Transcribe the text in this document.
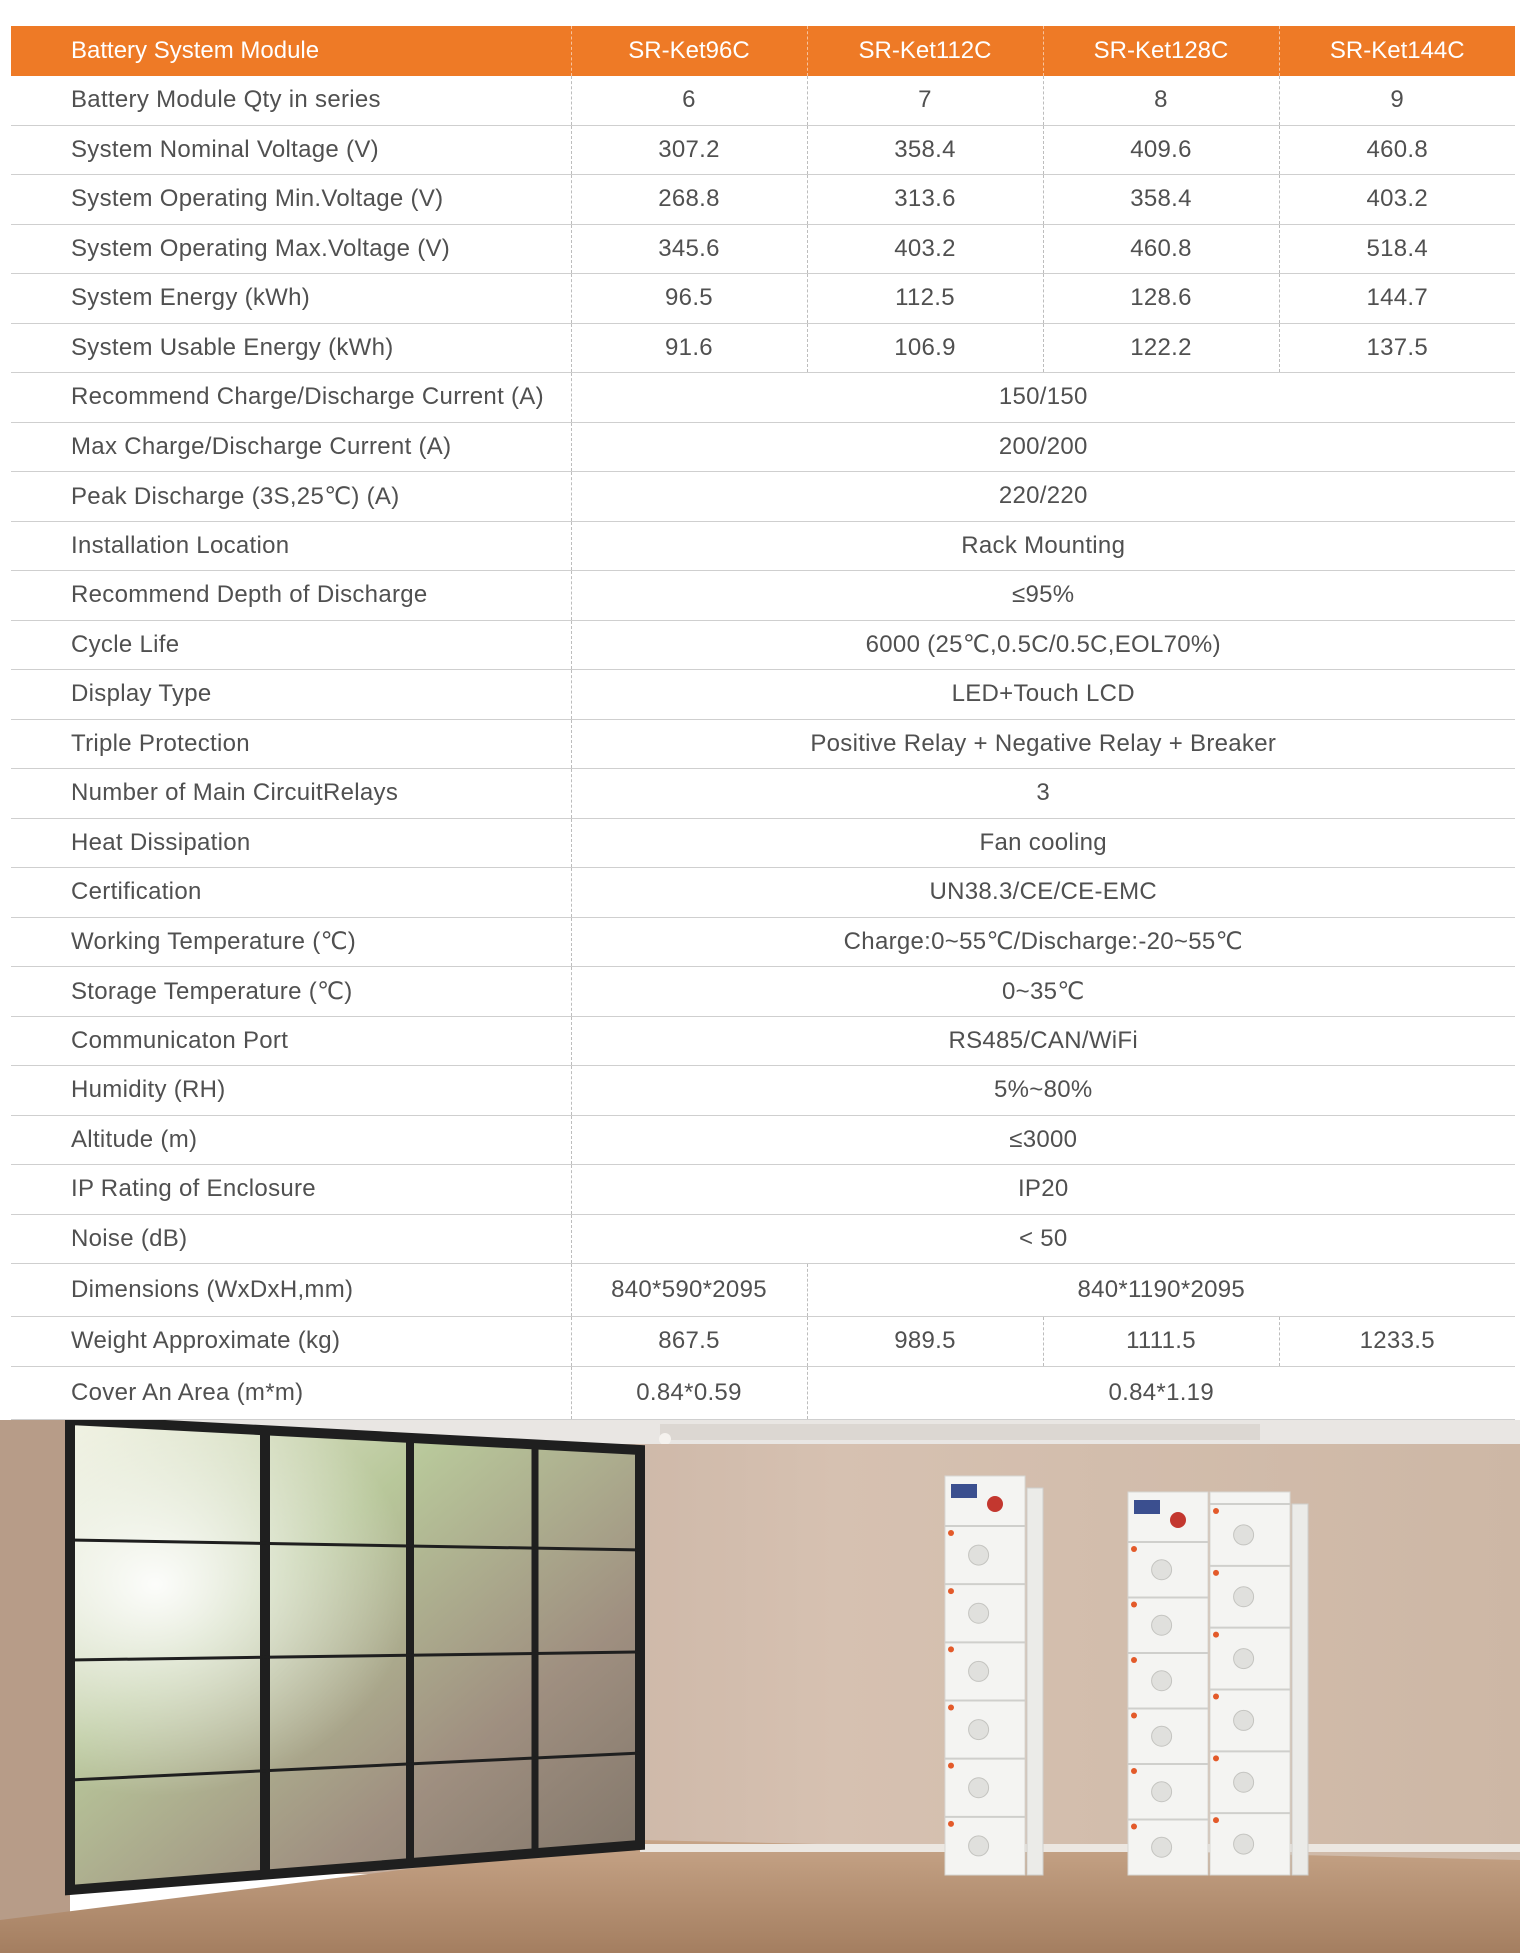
Battery System Module	SR-Ket96C	SR-Ket112C	SR-Ket128C	SR-Ket144C
Battery Module Qty in series	6	7	8	9
System Nominal Voltage (V)	307.2	358.4	409.6	460.8
System Operating Min.Voltage (V)	268.8	313.6	358.4	403.2
System Operating Max.Voltage (V)	345.6	403.2	460.8	518.4
System Energy (kWh)	96.5	112.5	128.6	144.7
System Usable Energy (kWh)	91.6	106.9	122.2	137.5
Recommend Charge/Discharge Current (A)	150/150			
Max Charge/Discharge Current (A)	200/200			
Peak Discharge (3S,25℃) (A)	220/220			
Installation Location	Rack Mounting			
Recommend Depth of Discharge	≤95%			
Cycle Life	6000 (25℃,0.5C/0.5C,EOL70%)			
Display Type	LED+Touch LCD			
Triple Protection	Positive Relay + Negative Relay + Breaker			
Number of Main CircuitRelays	3			
Heat Dissipation	Fan cooling			
Certification	UN38.3/CE/CE-EMC			
Working Temperature (℃)	Charge:0~55℃/Discharge:-20~55℃			
Storage Temperature (℃)	0~35℃			
Communicaton Port	RS485/CAN/WiFi			
Humidity (RH)	5%~80%			
Altitude (m)	≤3000			
IP Rating of Enclosure	IP20			
Noise (dB)	< 50			
Dimensions (WxDxH,mm)	840*590*2095	840*1190*2095		
Weight Approximate (kg)	867.5	989.5	1111.5	1233.5
Cover An Area (m*m)	0.84*0.59	0.84*1.19		
